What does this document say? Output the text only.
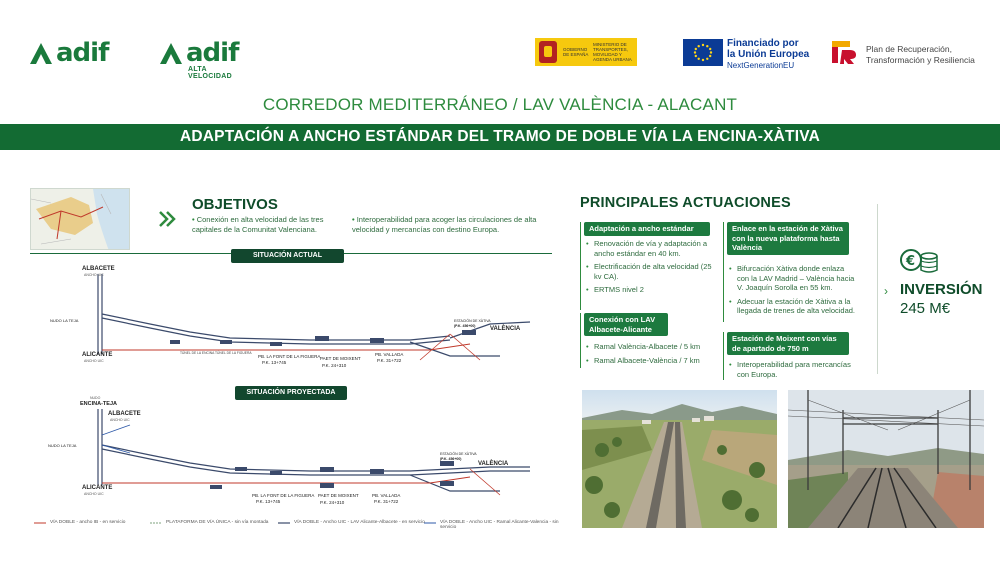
adif	adif
ALTA VELOCIDAD
GOBIERNO DE ESPAÑA
MINISTERIO DE TRANSPORTES, MOVILIDAD Y AGENDA URBANA
Financiado por
la Unión Europea
NextGenerationEU
Plan de Recuperación,
Transformación y Resiliencia
CORREDOR MEDITERRÁNEO / LAV VALÈNCIA - ALACANT
ADAPTACIÓN A ANCHO ESTÁNDAR DEL TRAMO DE DOBLE VÍA LA ENCINA-XÀTIVA
OBJETIVOS
• Conexión en alta velocidad de las tres capitales de la Comunitat Valenciana.
• Interoperabilidad para acoger las circulaciones de alta velocidad y mercancías con destino Europa.
SITUACIÓN ACTUAL
ALBACETE
ANCHO UIC
NUDO LA TEJA
ALICANTE
ANCHO UIC
ESTACIÓN DE XÀTIVA
(P.K. 456+00) VALÈNCIA
TÚNEL DE LA ENCINA TÚNEL DE LA FIGUERA
PB. LA FONT DE LA FIGUERA
P.K. 13+745
PAET DE MOIXENT
P.K. 24+310
PB. VALLADA
P.K. 31+722
SITUACIÓN PROYECTADA
NUDO
ENCINA-TEJA
ALBACETE
ANCHO UIC
NUDO LA TEJA
ALICANTE
ANCHO UIC
ESTACIÓN DE XÀTIVA
(P.K. 456+00)
VALÈNCIA
PB. LA FONT DE LA FIGUERA
P.K. 13+745
PAET DE MOIXENT
P.K. 24+310
PB. VALLADA
P.K. 31+722
VÍA DOBLE - ancho IB - en servicio	PLATAFORMA DE VÍA ÚNICA - sin vía montada	VÍA DOBLE - Ancho UIC - LAV Alicante-Albacete - en servicio	VÍA DOBLE - Ancho UIC - Ramal Alicante-Valencia - sin servicio
PRINCIPALES ACTUACIONES
Adaptación a ancho estándar
• Renovación de vía y adaptación a ancho estándar en 40 km.
• Electrificación de alta velocidad (25 kv CA).
• ERTMS nivel 2
Conexión con LAV Albacete-Alicante
• Ramal València-Albacete / 5 km
• Ramal Albacete-València / 7 km
Enlace en la estación de Xàtiva con la nueva plataforma hasta València
• Bifurcación Xàtiva donde enlaza con la LAV Madrid – València hacia V. Joaquín Sorolla en 55 km.
• Adecuar la estación de Xàtiva a la llegada de trenes de alta velocidad.
Estación de Moixent con vías de apartado de 750 m
• Interoperabilidad para mercancías con Europa.
€
› INVERSIÓN
245 M€
